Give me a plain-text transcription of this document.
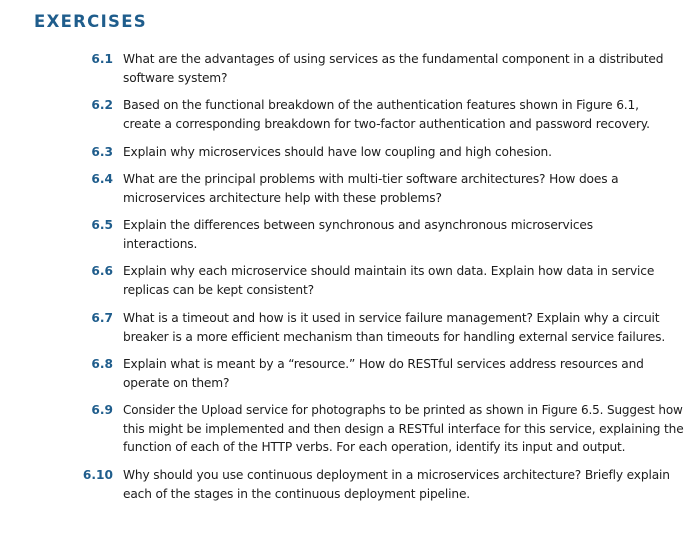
EXERCISES
6.1 What are the advantages of using services as the fundamental component in a distributed
software system?
6.2 Based on the functional breakdown of the authentication features shown in Figure 6.1,
create a corresponding breakdown for two-factor authentication and password recovery.
6.3 Explain why microservices should have low coupling and high cohesion.
6.4 What are the principal problems with multi-tier software architectures? How does a
microservices architecture help with these problems?
6.5 Explain the differences between synchronous and asynchronous microservices
interactions.
6.6 Explain why each microservice should maintain its own data. Explain how data in service
replicas can be kept consistent?
6.7 What is a timeout and how is it used in service failure management? Explain why a circuit
breaker is a more efficient mechanism than timeouts for handling external service failures.
6.8 Explain what is meant by a “resource.” How do RESTful services address resources and
operate on them?
6.9 Consider the Upload service for photographs to be printed as shown in Figure 6.5. Suggest how
this might be implemented and then design a RESTful interface for this service, explaining the
function of each of the HTTP verbs. For each operation, identify its input and output.
6.10 Why should you use continuous deployment in a microservices architecture? Briefly explain
each of the stages in the continuous deployment pipeline.
